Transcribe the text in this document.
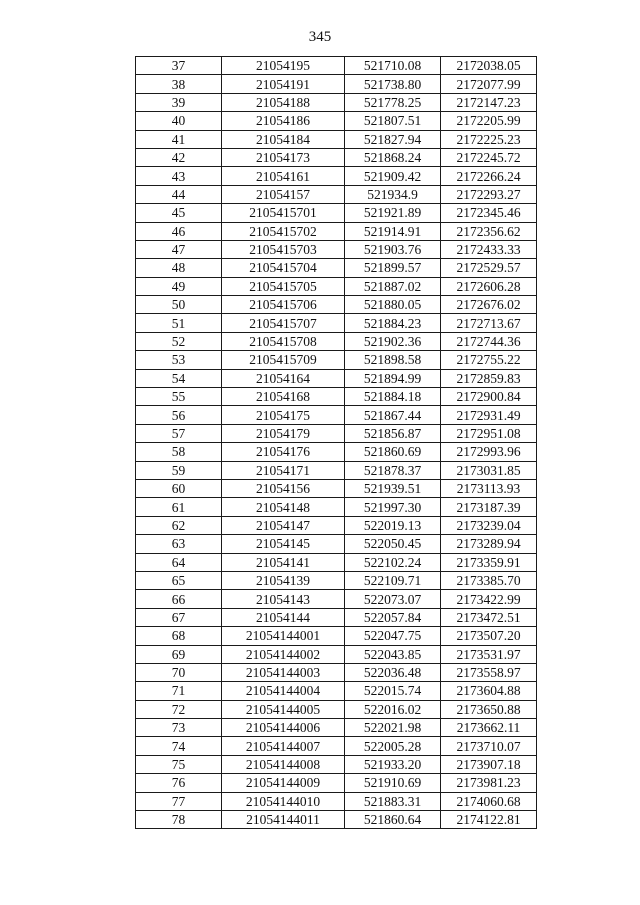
345
37	21054195	521710.08	2172038.05
38	21054191	521738.80	2172077.99
39	21054188	521778.25	2172147.23
40	21054186	521807.51	2172205.99
41	21054184	521827.94	2172225.23
42	21054173	521868.24	2172245.72
43	21054161	521909.42	2172266.24
44	21054157	521934.9	2172293.27
45	2105415701	521921.89	2172345.46
46	2105415702	521914.91	2172356.62
47	2105415703	521903.76	2172433.33
48	2105415704	521899.57	2172529.57
49	2105415705	521887.02	2172606.28
50	2105415706	521880.05	2172676.02
51	2105415707	521884.23	2172713.67
52	2105415708	521902.36	2172744.36
53	2105415709	521898.58	2172755.22
54	21054164	521894.99	2172859.83
55	21054168	521884.18	2172900.84
56	21054175	521867.44	2172931.49
57	21054179	521856.87	2172951.08
58	21054176	521860.69	2172993.96
59	21054171	521878.37	2173031.85
60	21054156	521939.51	2173113.93
61	21054148	521997.30	2173187.39
62	21054147	522019.13	2173239.04
63	21054145	522050.45	2173289.94
64	21054141	522102.24	2173359.91
65	21054139	522109.71	2173385.70
66	21054143	522073.07	2173422.99
67	21054144	522057.84	2173472.51
68	21054144001	522047.75	2173507.20
69	21054144002	522043.85	2173531.97
70	21054144003	522036.48	2173558.97
71	21054144004	522015.74	2173604.88
72	21054144005	522016.02	2173650.88
73	21054144006	522021.98	2173662.11
74	21054144007	522005.28	2173710.07
75	21054144008	521933.20	2173907.18
76	21054144009	521910.69	2173981.23
77	21054144010	521883.31	2174060.68
78	21054144011	521860.64	2174122.81
